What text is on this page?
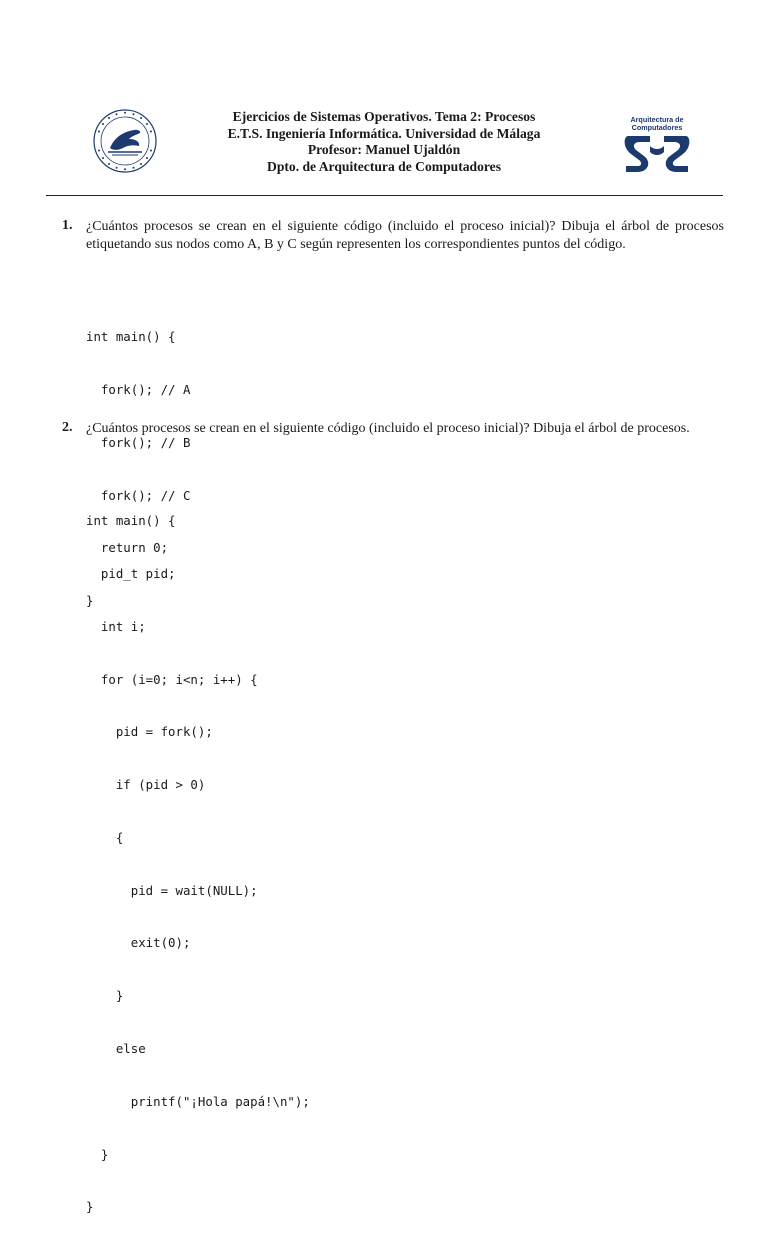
Ejercicios de Sistemas Operativos. Tema 2: Procesos
E.T.S. Ingeniería Informática. Universidad de Málaga
Profesor: Manuel Ujaldón
Dpto. de Arquitectura de Computadores
Arquitectura de
Computadores
1. ¿Cuántos procesos se crean en el siguiente código (incluido el proceso inicial)? Dibuja el árbol de procesos etiquetando sus nodos como A, B y C según representen los correspondientes puntos del código.

int main() {

fork(); // A

fork(); // B

fork(); // C

return 0;

}

2. ¿Cuántos procesos se crean en el siguiente código (incluido el proceso inicial)? Dibuja el árbol de procesos.

int main() {

pid_t pid;

int i;

for (i=0; i<n; i++) {

pid = fork();

if (pid > 0)

{

pid = wait(NULL);

exit(0);

}

else

printf("¡Hola papá!\n");

}

}
